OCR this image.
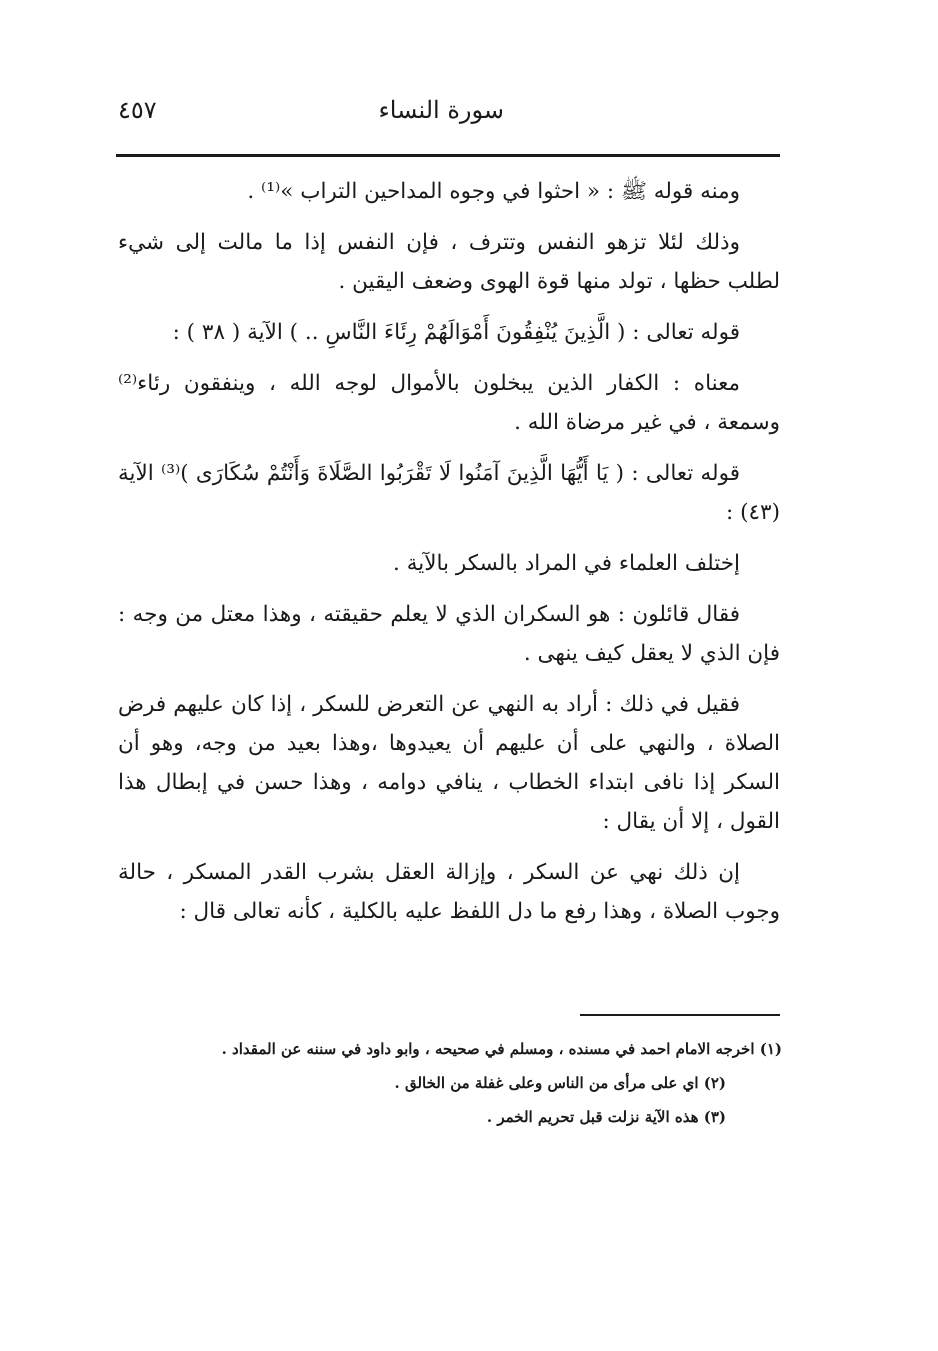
٤٥٧	سورة النساء

ومنه قوله ﷺ : « احثوا في وجوه المداحين التراب »⁽¹⁾ .

وذلك لئلا تزهو النفس وتترف ، فإن النفس إذا ما مالت إلى شيء لطلب حظها ، تولد منها قوة الهوى وضعف اليقين .

قوله تعالى : ( الَّذِينَ يُنْفِقُونَ أَمْوَالَهُمْ رِئَاءَ النَّاسِ .. ) الآية ( ٣٨ ) :

معناه : الكفار الذين يبخلون بالأموال لوجه الله ، وينفقون رئاء⁽²⁾ وسمعة ، في غير مرضاة الله .

قوله تعالى : ( يَا أَيُّهَا الَّذِينَ آمَنُوا لَا تَقْرَبُوا الصَّلَاةَ وَأَنْتُمْ سُكَارَى )⁽³⁾ الآية (٤٣) :

إختلف العلماء في المراد بالسكر بالآية .

فقال قائلون : هو السكران الذي لا يعلم حقيقته ، وهذا معتل من وجه : فإن الذي لا يعقل كيف ينهى .

فقيل في ذلك : أراد به النهي عن التعرض للسكر ، إذا كان عليهم فرض الصلاة ، والنهي على أن عليهم أن يعيدوها ،وهذا بعيد من وجه، وهو أن السكر إذا نافى ابتداء الخطاب ، ينافي دوامه ، وهذا حسن في إبطال هذا القول ، إلا أن يقال :

إن ذلك نهي عن السكر ، وإزالة العقل بشرب القدر المسكر ، حالة وجوب الصلاة ، وهذا رفع ما دل اللفظ عليه بالكلية ، كأنه تعالى قال :

(١) اخرجه الامام احمد في مسنده ، ومسلم في صحيحه ، وابو داود في سننه عن المقداد .

(٢) اي على مرأى من الناس وعلى غفلة من الخالق .

(٣) هذه الآية نزلت قبل تحريم الخمر .
